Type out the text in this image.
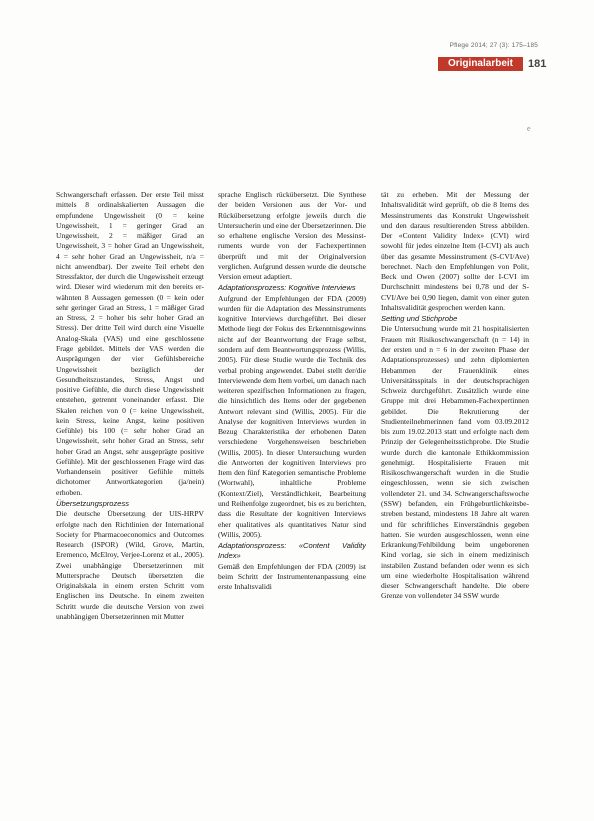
Pflege 2014; 27 (3): 175–185
Originalarbeit	181
e

Schwangerschaft erfassen. Der erste Teil misst mittels 8 ordinalskalierten Aussagen die empfundene Ungewissheit (0 = keine Ungewissheit, 1 = geringer Grad an Ungewissheit, 2 = mäßiger Grad an Ungewissheit, 3 = hoher Grad an Ungewissheit, 4 = sehr hoher Grad an Ungewissheit, n/a = nicht anwendbar). Der zweite Teil erhebt den Stressfaktor, der durch die Ungewissheit erzeugt wird. Dieser wird wiederum mit den bereits erwähnten 8 Aussagen gemessen (0 = kein oder sehr geringer Grad an Stress, 1 = mäßiger Grad an Stress, 2 = hoher bis sehr hoher Grad an Stress). Der dritte Teil wird durch eine Visuelle Analog-Skala (VAS) und eine geschlossene Frage gebildet. Mittels der VAS werden die Ausprägungen der vier Gefühlsbereiche Ungewissheit bezüglich der Gesundheitszustandes, Stress, Angst und positive Gefühle, die durch diese Ungewissheit entstehen, getrennt voneinander erfasst. Die Skalen reichen von 0 (= keine Ungewissheit, kein Stress, keine Angst, keine positiven Gefühle) bis 100 (= sehr hoher Grad an Ungewissheit, sehr hoher Grad an Stress, sehr hoher Grad an Angst, sehr ausgeprägte positive Gefühle). Mit der geschlossenen Frage wird das Vorhandensein positiver Gefühle mittels dichotomer Antwortkategorien (ja/nein) erhoben.

Übersetzungsprozess

Die deutsche Übersetzung der UIS-HRPV erfolgte nach den Richtlinien der International Society for Pharmacoeconomics and Outcomes Research (ISPOR) (Wild, Grove, Martin, Eremenco, McElroy, Verjee-Lorenz et al., 2005). Zwei unabhängige Übersetzerinnen mit Muttersprache Deutsch übersetzten die Originalskala in einem ersten Schritt vom Englischen ins Deutsche. In einem zweiten Schritt wurde die deutsche Version von zwei unabhängigen Übersetzerinnen mit Mutter

sprache Englisch rückübersetzt. Die Synthese der beiden Versionen aus der Vor- und Rückübersetzung erfolgte jeweils durch die Untersucherin und eine der Übersetzerinnen. Die so erhaltene englische Version des Messinstruments wurde von der Fachexpertinnen überprüft und mit der Originalversion verglichen. Aufgrund dessen wurde die deutsche Version erneut adaptiert.

Adaptationsprozess: Kognitive Interviews

Aufgrund der Empfehlungen der FDA (2009) wurden für die Adaptation des Messinstruments kognitive Interviews durchgeführt. Bei dieser Methode liegt der Fokus des Erkenntnisgewinns nicht auf der Beantwortung der Frage selbst, sondern auf dem Beantwortungsprozess (Willis, 2005). Für diese Studie wurde die Technik des verbal probing angewendet. Dabei stellt der/die Interviewende dem Item vorbei, um danach nach weiteren spezifischen Informationen zu fragen, die hinsichtlich des Items oder der gegebenen Antwort relevant sind (Willis, 2005). Für die Analyse der kognitiven Interviews wurden in Bezug Charakteristika der erhobenen Daten verschiedene Vorgehensweisen beschrieben (Willis, 2005). In dieser Untersuchung wurden die Antworten der kognitiven Interviews pro Item den fünf Kategorien semantische Probleme (Wortwahl), inhaltliche Probleme (Kontext/Ziel), Verständlichkeit, Bearbeitung und Reihenfolge zugeordnet, bis es zu berichten, dass die Resultate der kognitiven Interviews eher qualitatives als quantitatives Natur sind (Willis, 2005).

Adaptationsprozess: «Content Validity Index»

Gemäß den Empfehlungen der FDA (2009) ist beim Schritt der Instrumentenanpassung eine erste Inhaltsvalidi

tät zu erheben. Mit der Messung der Inhaltsvalidität wird geprüft, ob die 8 Items des Messinstruments das Konstrukt Ungewissheit und den daraus resultierenden Stress abbilden. Der «Content Validity Index» (CVI) wird sowohl für jedes einzelne Item (I-CVI) als auch über das gesamte Messinstrument (S-CVI/Ave) berechnet. Nach den Empfehlungen von Polit, Beck und Owen (2007) sollte der I-CVI im Durchschnitt mindestens bei 0,78 und der S-CVI/Ave bei 0,90 liegen, damit von einer guten Inhaltsvalidität gesprochen werden kann.

Setting und Stichprobe

Die Untersuchung wurde mit 21 hospitalisierten Frauen mit Risikoschwangerschaft (n = 14) in der ersten und n = 6 in der zweiten Phase der Adaptationsprozesses) und zehn diplomierten Hebammen der Frauenklinik eines Universitätsspitals in der deutschsprachigen Schweiz durchgeführt. Zusätzlich wurde eine Gruppe mit drei Hebammen-Fachexpertinnen gebildet. Die Rekrutierung der Studienteilnehmerinnen fand vom 03.09.2012 bis zum 19.02.2013 statt und erfolgte nach dem Prinzip der Gelegenheitsstichprobe. Die Studie wurde durch die kantonale Ethikkommission genehmigt. Hospitalisierte Frauen mit Risikoschwangerschaft wurden in die Studie eingeschlossen, wenn sie sich zwischen vollendeter 21. und 34. Schwangerschaftswoche (SSW) befanden, ein Frühgeburtlichkeitsbestreben bestand, mindestens 18 Jahre alt waren und für schriftliches Einverständnis gegeben hatten. Sie wurden ausgeschlossen, wenn eine Erkrankung/Fehlbildung beim ungeborenen Kind vorlag, sie sich in einem medizinisch instabilen Zustand befanden oder wenn es sich um eine wiederholte Hospitalisation während dieser Schwangerschaft handelte. Die obere Grenze von vollendeter 34 SSW wurde
